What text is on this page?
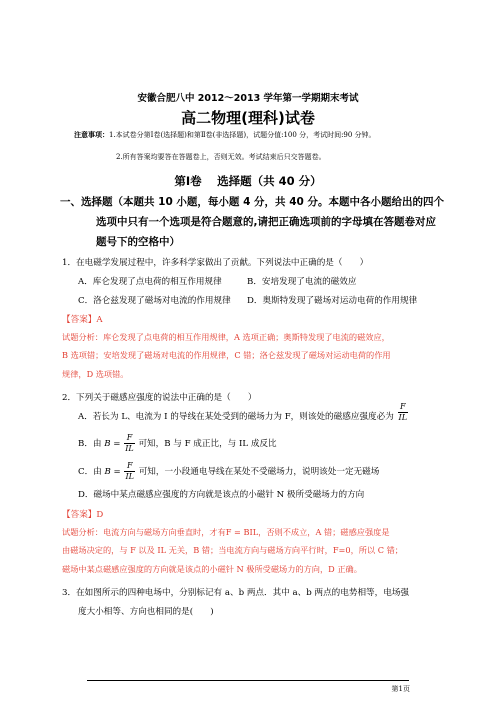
安徽合肥八中 2012～2013 学年第一学期期末考试
高二物理(理科)试卷
注意事项：1.本试卷分第Ⅰ卷(选择题)和第Ⅱ卷(非选择题)，试题分值:100 分，考试时间:90 分钟。
2.所有答案均要答在答题卷上，否则无效。考试结束后只交答题卷。
第Ⅰ卷　 选择题（共 40 分）
一、选择题（本题共 10 小题，每小题 4 分，共 40 分。本题中各小题给出的四个
选项中只有一个选项是符合题意的,请把正确选项前的字母填在答题卷对应
题号下的空格中）
1．在电磁学发展过程中，许多科学家做出了贡献。下列说法中正确的是（　　）
A．库仑发现了点电荷的相互作用规律	B．安培发现了电流的磁效应
C．洛仑兹发现了磁场对电流的作用规律 D．奥斯特发现了磁场对运动电荷的作用规律
【答案】A
试题分析：库仑发现了点电荷的相互作用规律，A 选项正确；奥斯特发现了电流的磁效应，
B 选项错；安培发现了磁场对电流的作用规律，C 错；洛仑兹发现了磁场对运动电荷的作用
规律，D 选项错。
2．下列关于磁感应强度的说法中正确的是（　　）
A．若长为 L、电流为 I 的导线在某处受到的磁场力为 F，则该处的磁感应强度必为 $\frac{F}{IL}$
B．由 $B = \frac{F}{IL}$ 可知，B 与 F 成正比，与 IL 成反比
C．由 $B = \frac{F}{IL}$ 可知，一小段通电导线在某处不受磁场力，说明该处一定无磁场
D．磁场中某点磁感应强度的方向就是该点的小磁针 N 极所受磁场力的方向
【答案】D
试题分析：电流方向与磁场方向垂直时，才有F = BIL，否则不成立，A 错；磁感应强度是
由磁场决定的，与 F 以及 IL 无关，B 错；当电流方向与磁场方向平行时，F=0，所以 C 错；
磁场中某点磁感应强度的方向就是该点的小磁针 N 极所受磁场力的方向，D 正确。
3．在如图所示的四种电场中，分别标记有 a、b 两点．其中 a、b 两点的电势相等，电场强
度大小相等、方向也相同的是(　　)
第1页
